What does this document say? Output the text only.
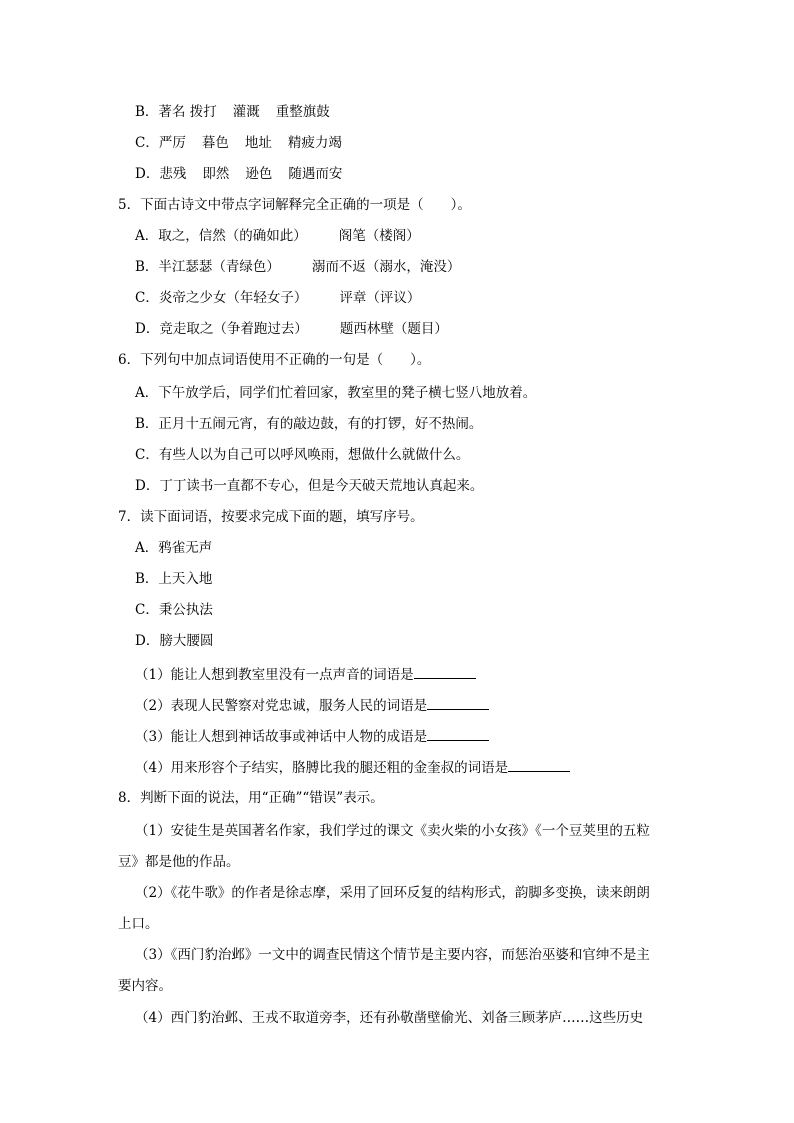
B．著名 拨打 灌溉 重整旗鼓
C．严厉 暮色 地址 精疲力竭
D．悲残 即然 逊色 随遇而安
5．下面古诗文中带点字词解释完全正确的一项是（　　）。
A．取之，信然（的确如此） 阁笔（楼阁）
B．半江瑟瑟（青绿色） 溺而不返（溺水，淹没）
C．炎帝之少女（年轻女子） 评章（评议）
D．竞走取之（争着跑过去） 题西林壁（题目）
6．下列句中加点词语使用不正确的一句是（　　）。
A．下午放学后，同学们忙着回家，教室里的凳子横七竖八地放着。
B．正月十五闹元宵，有的敲边鼓，有的打锣，好不热闹。
C．有些人以为自己可以呼风唤雨，想做什么就做什么。
D．丁丁读书一直都不专心，但是今天破天荒地认真起来。
7．读下面词语，按要求完成下面的题，填写序号。
A．鸦雀无声
B．上天入地
C．秉公执法
D．膀大腰圆
（1）能让人想到教室里没有一点声音的词语是
（2）表现人民警察对党忠诚，服务人民的词语是
（3）能让人想到神话故事或神话中人物的成语是
（4）用来形容个子结实，胳膊比我的腿还粗的金奎叔的词语是
8．判断下面的说法，用“正确”“错误”表示。
（1）安徒生是英国著名作家，我们学过的课文《卖火柴的小女孩》《一个豆荚里的五粒
豆》都是他的作品。
（2）《花牛歌》的作者是徐志摩，采用了回环反复的结构形式，韵脚多变换，读来朗朗
上口。
（3）《西门豹治邺》一文中的调查民情这个情节是主要内容，而惩治巫婆和官绅不是主
要内容。
（4）西门豹治邺、王戎不取道旁李，还有孙敬凿壁偷光、刘备三顾茅庐……这些历史
